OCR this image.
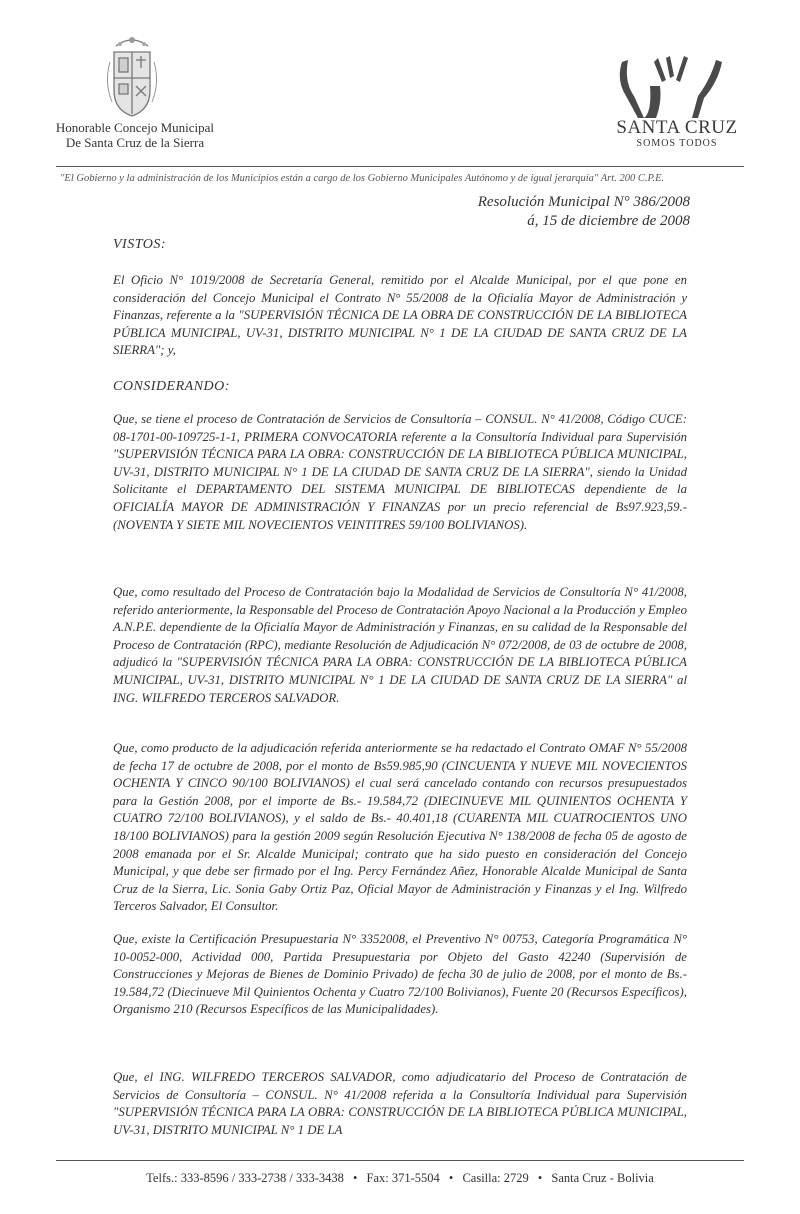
Honorable Concejo Municipal
De Santa Cruz de la Sierra
SANTA CRUZ
SOMOS TODOS
"El Gobierno y la administración de los Municipios están a cargo de los Gobierno Municipales Autónomo y de igual jerarquía" Art. 200 C.P.E.
Resolución Municipal N° 386/2008
á, 15 de diciembre de 2008
VISTOS:

El Oficio N° 1019/2008 de Secretaría General, remitido por el Alcalde Municipal, por el que pone en consideración del Concejo Municipal el Contrato N° 55/2008 de la Oficialía Mayor de Administración y Finanzas, referente a la "SUPERVISIÓN TÉCNICA DE LA OBRA DE CONSTRUCCIÓN DE LA BIBLIOTECA PÚBLICA MUNICIPAL, UV-31, DISTRITO MUNICIPAL N° 1 DE LA CIUDAD DE SANTA CRUZ DE LA SIERRA"; y,

CONSIDERANDO:

Que, se tiene el proceso de Contratación de Servicios de Consultoría – CONSUL. N° 41/2008, Código CUCE: 08-1701-00-109725-1-1, PRIMERA CONVOCATORIA referente a la Consultoría Individual para Supervisión "SUPERVISIÓN TÉCNICA PARA LA OBRA: CONSTRUCCIÓN DE LA BIBLIOTECA PÚBLICA MUNICIPAL, UV-31, DISTRITO MUNICIPAL N° 1 DE LA CIUDAD DE SANTA CRUZ DE LA SIERRA", siendo la Unidad Solicitante el DEPARTAMENTO DEL SISTEMA MUNICIPAL DE BIBLIOTECAS dependiente de la OFICIALÍA MAYOR DE ADMINISTRACIÓN Y FINANZAS por un precio referencial de Bs97.923,59.- (NOVENTA Y SIETE MIL NOVECIENTOS VEINTITRES 59/100 BOLIVIANOS).

Que, como resultado del Proceso de Contratación bajo la Modalidad de Servicios de Consultoría N° 41/2008, referido anteriormente, la Responsable del Proceso de Contratación Apoyo Nacional a la Producción y Empleo A.N.P.E. dependiente de la Oficialía Mayor de Administración y Finanzas, en su calidad de la Responsable del Proceso de Contratación (RPC), mediante Resolución de Adjudicación N° 072/2008, de 03 de octubre de 2008, adjudicó la "SUPERVISIÓN TÉCNICA PARA LA OBRA: CONSTRUCCIÓN DE LA BIBLIOTECA PÚBLICA MUNICIPAL, UV-31, DISTRITO MUNICIPAL N° 1 DE LA CIUDAD DE SANTA CRUZ DE LA SIERRA" al ING. WILFREDO TERCEROS SALVADOR.

Que, como producto de la adjudicación referida anteriormente se ha redactado el Contrato OMAF N° 55/2008 de fecha 17 de octubre de 2008, por el monto de Bs59.985,90 (CINCUENTA Y NUEVE MIL NOVECIENTOS OCHENTA Y CINCO 90/100 BOLIVIANOS) el cual será cancelado contando con recursos presupuestados para la Gestión 2008, por el importe de Bs.- 19.584,72 (DIECINUEVE MIL QUINIENTOS OCHENTA Y CUATRO 72/100 BOLIVIANOS), y el saldo de Bs.- 40.401,18 (CUARENTA MIL CUATROCIENTOS UNO 18/100 BOLIVIANOS) para la gestión 2009 según Resolución Ejecutiva N° 138/2008 de fecha 05 de agosto de 2008 emanada por el Sr. Alcalde Municipal; contrato que ha sido puesto en consideración del Concejo Municipal, y que debe ser firmado por el Ing. Percy Fernández Añez, Honorable Alcalde Municipal de Santa Cruz de la Sierra, Lic. Sonia Gaby Ortiz Paz, Oficial Mayor de Administración y Finanzas y el Ing. Wilfredo Terceros Salvador, El Consultor.

Que, existe la Certificación Presupuestaria N° 3352008, el Preventivo N° 00753, Categoría Programática N° 10-0052-000, Actividad 000, Partida Presupuestaria por Objeto del Gasto 42240 (Supervisión de Construcciones y Mejoras de Bienes de Dominio Privado) de fecha 30 de julio de 2008, por el monto de Bs.- 19.584,72 (Diecinueve Mil Quinientos Ochenta y Cuatro 72/100 Bolivianos), Fuente 20 (Recursos Específicos), Organismo 210 (Recursos Específicos de las Municipalidades).

Que, el ING. WILFREDO TERCEROS SALVADOR, como adjudicatario del Proceso de Contratación de Servicios de Consultoría – CONSUL. N° 41/2008 referida a la Consultoría Individual para Supervisión "SUPERVISIÓN TÉCNICA PARA LA OBRA: CONSTRUCCIÓN DE LA BIBLIOTECA PÚBLICA MUNICIPAL, UV-31, DISTRITO MUNICIPAL N° 1 DE LA

Telfs.: 333-8596 / 333-2738 / 333-3438 • Fax: 371-5504 • Casilla: 2729 • Santa Cruz - Bolivia
